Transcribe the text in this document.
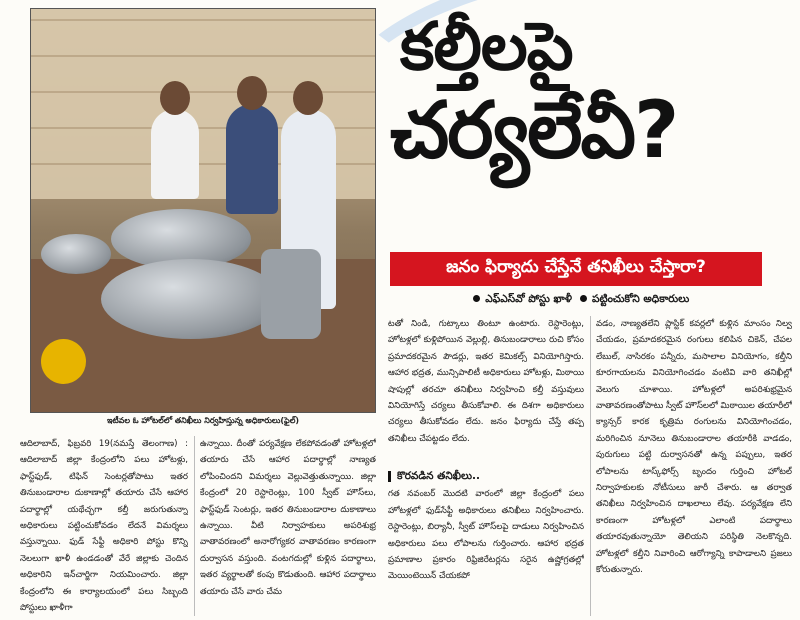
ఇటీవల ఓ హోటల్‌లో తనిఖీలు నిర్వహిస్తున్న అధికారులు(ఫైల్)
కల్తీలపై
చర్యలేవీ?
జనం ఫిర్యాదు చేస్తేనే తనిఖీలు చేస్తారా?
ఎఫ్‌ఎస్‌వో పోస్టు ఖాళీ	పట్టించుకోని అధికారులు

ఆదిలాబాద్, ఫిబ్రవరి 19(నమస్తే తెలంగాణ) : ఆదిలాబాద్ జిల్లా కేంద్రంలోని పలు హోటళ్లు, ఫాస్ట్‌ఫుడ్, టిఫిన్ సెంటర్లతోపాటు ఇతర తినుబండారాల దుకాణాల్లో తయారు చేసే ఆహార పదార్థాల్లో యథేచ్ఛగా కల్తీ జరుగుతున్నా అధికారులు పట్టించుకోవడం లేదనే విమర్శలు వస్తున్నాయి. ఫుడ్ సేఫ్టీ అధికారి పోస్టు కొన్ని నెలలుగా ఖాళీ ఉండడంతో వేరే జిల్లాకు చెందిన అధికారిని ఇన్‌చార్జిగా నియమించారు. జిల్లా కేంద్రంలోని ఈ కార్యాలయంలో పలు సిబ్బంది పోస్టులు ఖాళీగా

ఉన్నాయి. దీంతో పర్యవేక్షణ లేకపోవడంతో హోటళ్లలో తయారు చేసే ఆహార పదార్థాల్లో నాణ్యత లోపించిందని విమర్శలు వెల్లువెత్తుతున్నాయి. జిల్లా కేంద్రంలో 20 రెస్టారెంట్లు, 100 స్వీట్ హౌస్‌లు, ఫాస్ట్‌ఫుడ్ సెంటర్లు, ఇతర తినుబండారాల దుకాణాలు ఉన్నాయి. వీటి నిర్వాహకులు అపరిశుభ్ర వాతావరణంలో అనారోగ్యకర వాతావరణం కారణంగా దుర్వాసన వస్తుంది. వంటగదుల్లో కుళ్లిన పదార్థాలు, ఇతర వ్యర్థాలతో కంపు కొడుతుంది. ఆహార పదార్థాలు తయారు చేసే వారు చేమ

టతో నిండి, గుట్కాలు తింటూ ఉంటారు. రెస్టారెంట్లు, హోటళ్లలో కుళ్లిపోయిన వెల్లుల్లి, తినుబండారాలు రుచి కోసం ప్రమాదకరమైన పౌడర్లు, ఇతర కెమికల్స్ వినియోగిస్తారు. ఆహార భద్రత, మున్సిపాలిటీ అధికారులు హోటళ్లు, మిఠాయి షాపుల్లో తరచూ తనిఖీలు నిర్వహించి కల్తీ వస్తువులు వినియోగిస్తే చర్యలు తీసుకోవాలి. ఈ దిశగా అధికారులు చర్యలు తీసుకోవడం లేదు. జనం ఫిర్యాదు చేస్తే తప్ప తనిఖీలు చేపట్టడం లేదు.

కొరవడిన తనిఖీలు..

గత నవంబర్ మొదటి వారంలో జిల్లా కేంద్రంలో పలు హోటళ్లలో ఫుడ్‌సేఫ్టీ అధికారులు తనిఖీలు నిర్వహించారు. రెస్టారెంట్లు, బిర్యానీ, స్వీట్ హౌస్‌లపై దాడులు నిర్వహించిన అధికారులు పలు లోపాలను గుర్తించారు. ఆహార భద్రత ప్రమాణాల ప్రకారం రిఫ్రిజిరేటర్లను సరైన ఉష్ణోగ్రతల్లో మెయింటెయిన్ చేయకపో

వడం, నాణ్యతలేని ప్లాస్టిక్ కవర్లలో కుళ్లిన మాంసం నిల్వ చేయడం, ప్రమాదకరమైన రంగులు కలిపిన చికెన్, చేపల లేబుల్, నాసిరకం పన్నీరు, మసాలాల వినియోగం, కల్తీని కూరగాయలను వినియోగించడం వంటివి వారి తనిఖీల్లో వెలుగు చూశాయి. హోటళ్లలో అపరిశుభ్రమైన వాతావరణంతోపాటు స్వీట్ హౌస్‌లలో మిఠాయిల తయారీలో క్యాన్సర్ కారక కృత్రిమ రంగులను వినియోగించడం, మరిగించిన నూనెలు తినుబండారాల తయారీకి వాడడం, పురుగులు పట్టి దుర్వాసనతో ఉన్న పప్పులు, ఇతర లోపాలను టాస్క్‌ఫోర్స్ బృందం గుర్తించి హోటల్ నిర్వాహకులకు నోటీసులు జారీ చేశారు. ఆ తర్వాత తనిఖీలు నిర్వహించిన దాఖలాలు లేవు. పర్యవేక్షణ లేని కారణంగా హోటళ్లలో ఎలాంటి పదార్థాలు తయారవుతున్నాయో తెలియని పరిస్థితి నెలకొన్నది. హోటళ్లలో కల్తీని నివారించి ఆరోగ్యాన్ని కాపాడాలని ప్రజలు కోరుతున్నారు.
